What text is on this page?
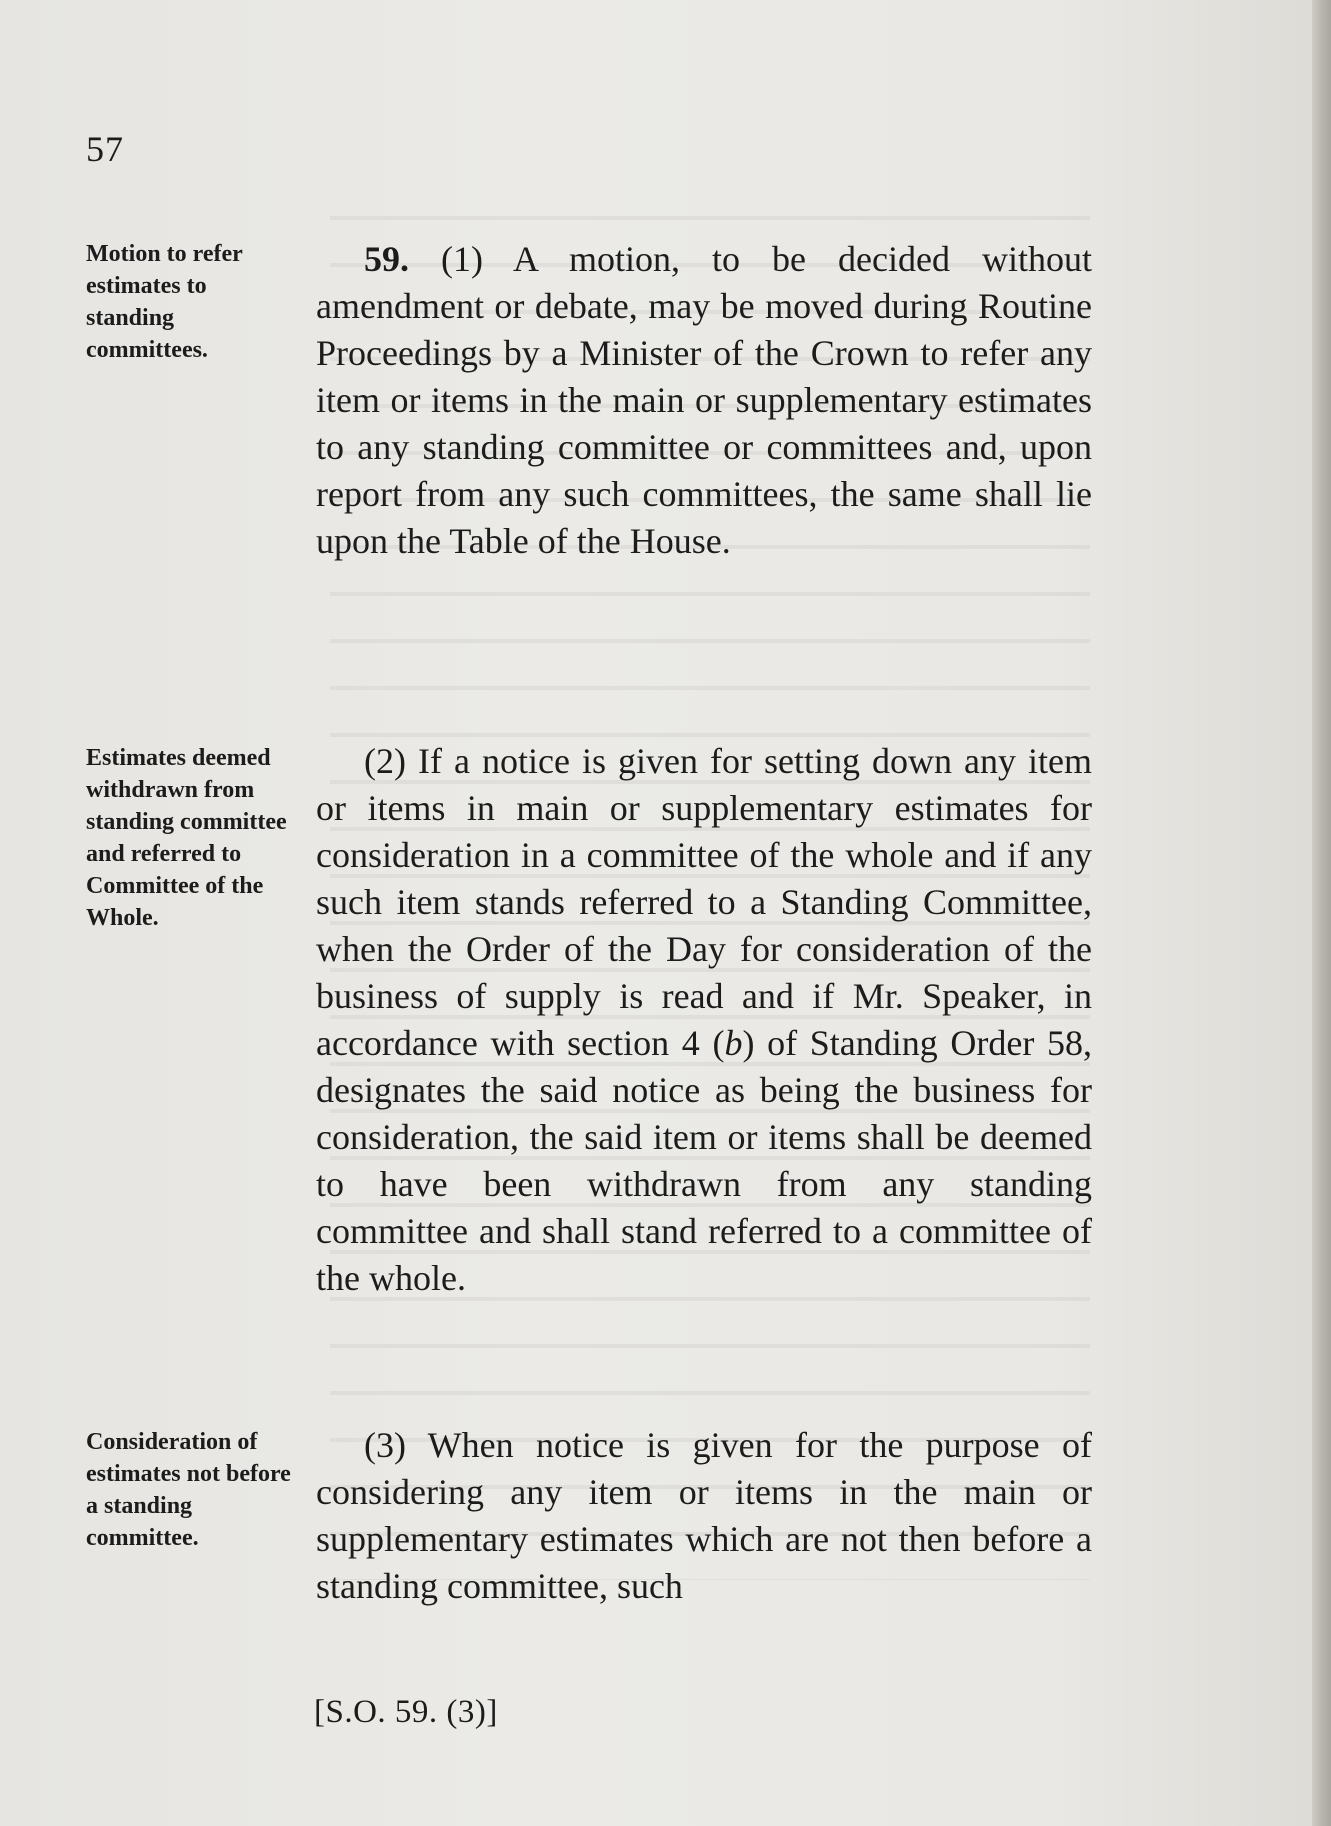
57
Motion to refer estimates to standing committees.
Estimates deemed withdrawn from standing committee and referred to Committee of the Whole.
Consideration of estimates not before a standing committee.
59. (1) A motion, to be decided without amendment or debate, may be moved during Routine Proceedings by a Minister of the Crown to refer any item or items in the main or supplementary estimates to any standing committee or committees and, upon report from any such committees, the same shall lie upon the Table of the House.
(2) If a notice is given for setting down any item or items in main or supplementary estimates for consideration in a committee of the whole and if any such item stands referred to a Standing Committee, when the Order of the Day for consideration of the business of supply is read and if Mr. Speaker, in accordance with section 4 (b) of Standing Order 58, designates the said notice as being the business for consideration, the said item or items shall be deemed to have been withdrawn from any standing committee and shall stand referred to a committee of the whole.
(3) When notice is given for the purpose of considering any item or items in the main or supplementary estimates which are not then before a standing committee, such
[S.O. 59. (3)]
